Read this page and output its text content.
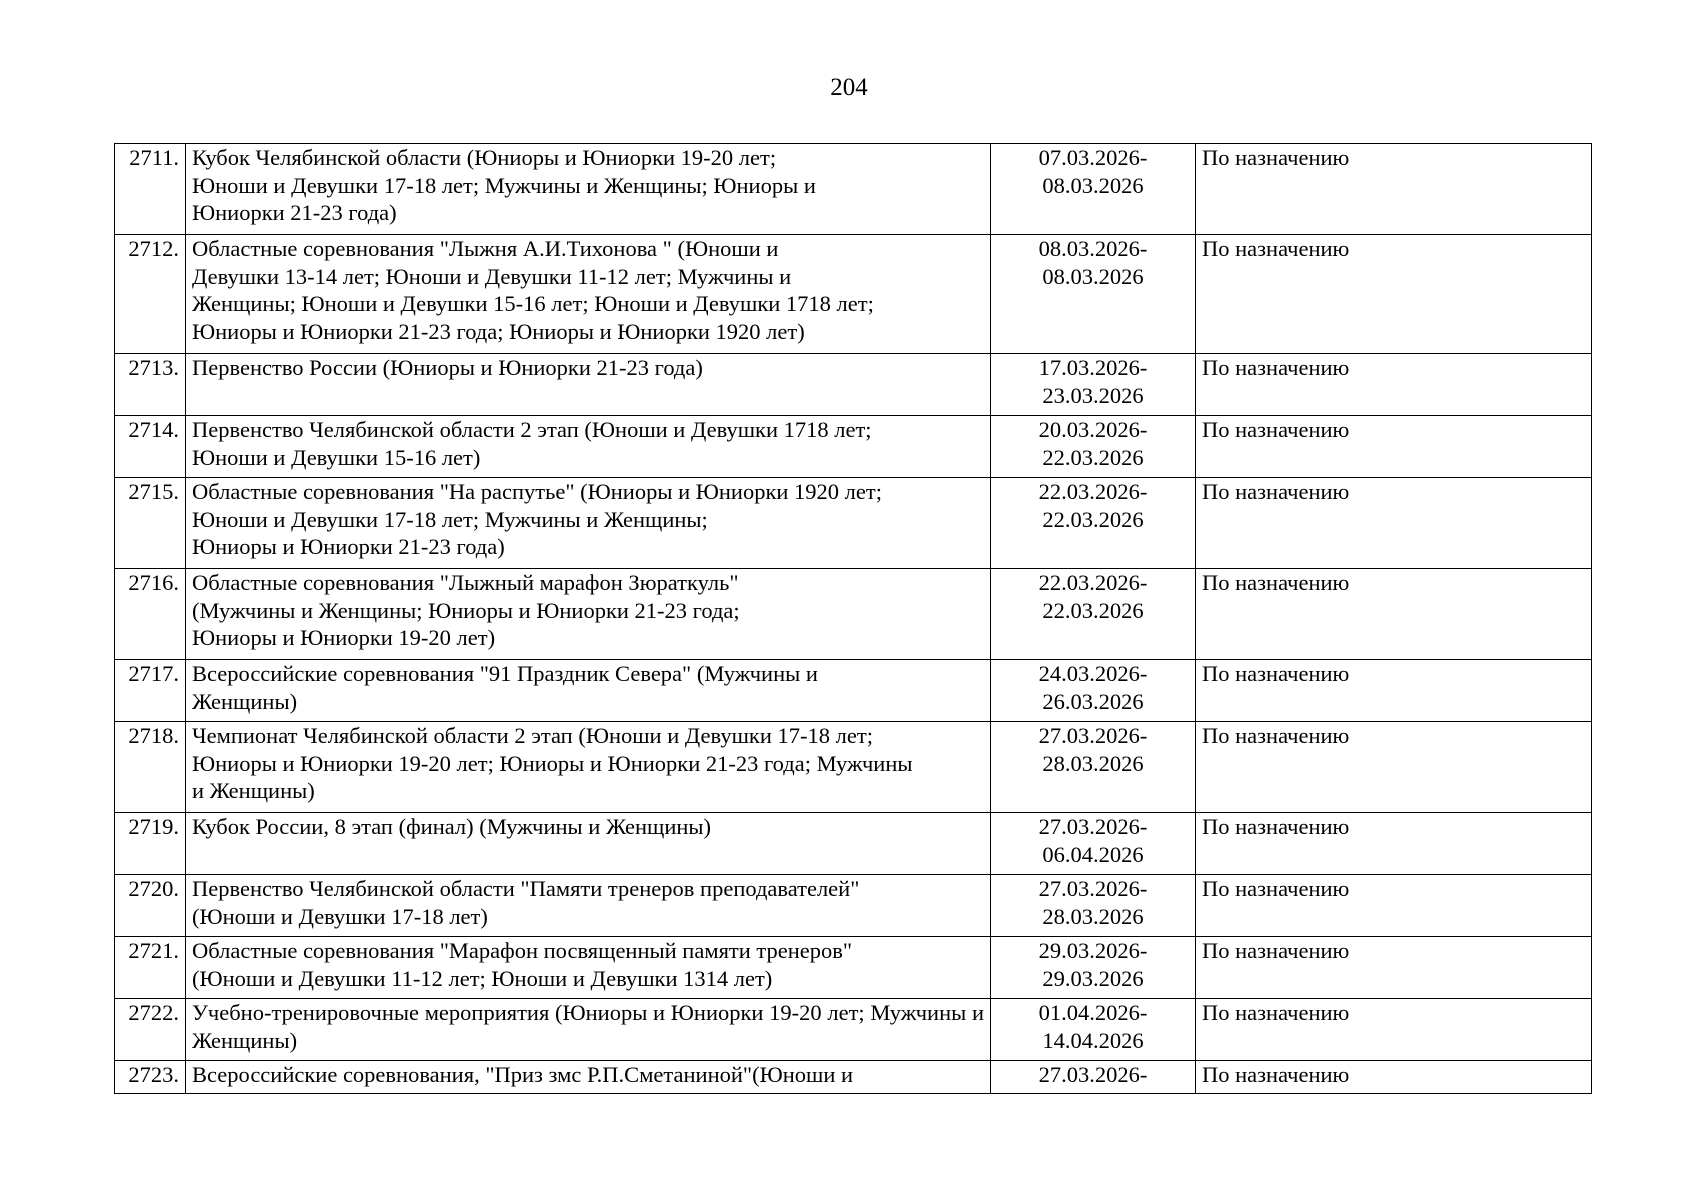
204
2711.	Кубок Челябинской области (Юниоры и Юниорки 19-20 лет;
Юноши и Девушки 17-18 лет; Мужчины и Женщины; Юниоры и
Юниорки 21-23 года)	07.03.2026-
08.03.2026	По назначению
2712.	Областные соревнования "Лыжня А.И.Тихонова " (Юноши и
Девушки 13-14 лет; Юноши и Девушки 11-12 лет; Мужчины и
Женщины; Юноши и Девушки 15-16 лет; Юноши и Девушки 1718 лет;
Юниоры и Юниорки 21-23 года; Юниоры и Юниорки 1920 лет)	08.03.2026-
08.03.2026	По назначению
2713.	Первенство России (Юниоры и Юниорки 21-23 года)	17.03.2026-
23.03.2026	По назначению
2714.	Первенство Челябинской области 2 этап (Юноши и Девушки 1718 лет;
Юноши и Девушки 15-16 лет)	20.03.2026-
22.03.2026	По назначению
2715.	Областные соревнования "На распутье" (Юниоры и Юниорки 1920 лет;
Юноши и Девушки 17-18 лет; Мужчины и Женщины;
Юниоры и Юниорки 21-23 года)	22.03.2026-
22.03.2026	По назначению
2716.	Областные соревнования "Лыжный марафон Зюраткуль"
(Мужчины и Женщины; Юниоры и Юниорки 21-23 года;
Юниоры и Юниорки 19-20 лет)	22.03.2026-
22.03.2026	По назначению
2717.	Всероссийские соревнования "91 Праздник Севера" (Мужчины и
Женщины)	24.03.2026-
26.03.2026	По назначению
2718.	Чемпионат Челябинской области 2 этап (Юноши и Девушки 17-18 лет;
Юниоры и Юниорки 19-20 лет; Юниоры и Юниорки 21-23 года; Мужчины
и Женщины)	27.03.2026-
28.03.2026	По назначению
2719.	Кубок России, 8 этап (финал) (Мужчины и Женщины)	27.03.2026-
06.04.2026	По назначению
2720.	Первенство Челябинской области "Памяти тренеров преподавателей"
(Юноши и Девушки 17-18 лет)	27.03.2026-
28.03.2026	По назначению
2721.	Областные соревнования "Марафон посвященный памяти тренеров"
(Юноши и Девушки 11-12 лет; Юноши и Девушки 1314 лет)	29.03.2026-
29.03.2026	По назначению
2722.	Учебно-тренировочные мероприятия (Юниоры и Юниорки 19-20 лет; Мужчины и Женщины)	01.04.2026-
14.04.2026	По назначению
2723.	Всероссийские соревнования, "Приз змс Р.П.Сметаниной"(Юноши и	27.03.2026-	По назначению
